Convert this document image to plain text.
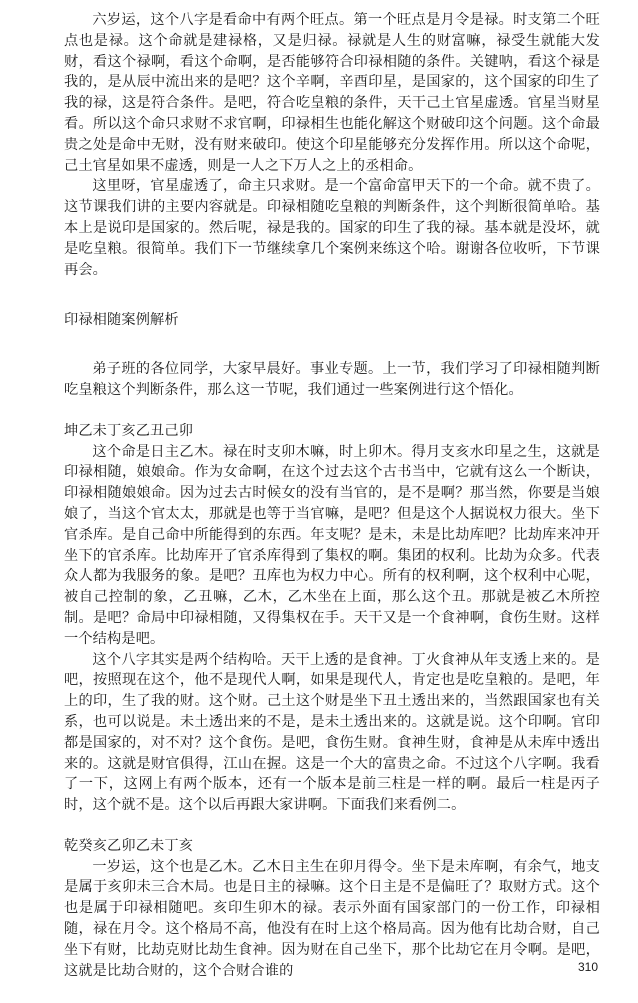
六岁运，这个八字是看命中有两个旺点。第一个旺点是月令是禄。时支第二个旺点也是禄。这个命就是建禄格，又是归禄。禄就是人生的财富嘛，禄受生就能大发财，看这个禄啊，看这个命啊，是否能够符合印禄相随的条件。关键呐，看这个禄是我的，是从辰中流出来的是吧？这个辛啊，辛酉印星，是国家的，这个国家的印生了我的禄，这是符合条件。是吧，符合吃皇粮的条件，天干己土官星虚透。官星当财星看。所以这个命只求财不求官啊，印禄相生也能化解这个财破印这个问题。这个命最贵之处是命中无财，没有财来破印。使这个印星能够充分发挥作用。所以这个命呢，己土官星如果不虚透，则是一人之下万人之上的丞相命。

这里呀，官星虚透了，命主只求财。是一个富命富甲天下的一个命。就不贵了。这节课我们讲的主要内容就是。印禄相随吃皇粮的判断条件，这个判断很简单哈。基本上是说印是国家的。然后呢，禄是我的。国家的印生了我的禄。基本就是没坏，就是吃皇粮。很简单。我们下一节继续拿几个案例来练这个哈。谢谢各位收听，下节课再会。

印禄相随案例解析

弟子班的各位同学，大家早晨好。事业专题。上一节，我们学习了印禄相随判断吃皇粮这个判断条件，那么这一节呢，我们通过一些案例进行这个悟化。

坤乙未丁亥乙丑己卯

这个命是日主乙木。禄在时支卯木嘛，时上卯木。得月支亥水印星之生，这就是印禄相随，娘娘命。作为女命啊，在这个过去这个古书当中，它就有这么一个断诀，印禄相随娘娘命。因为过去古时候女的没有当官的，是不是啊？那当然，你要是当娘娘了，当这个官太太，那就是也等于当官嘛，是吧？但是这个人据说权力很大。坐下官杀库。是自己命中所能得到的东西。年支呢？是未，未是比劫库吧？比劫库来冲开坐下的官杀库。比劫库开了官杀库得到了集权的啊。集团的权利。比劫为众多。代表众人都为我服务的象。是吧？丑库也为权力中心。所有的权利啊，这个权利中心呢，被自己控制的象，乙丑嘛，乙木，乙木坐在上面，那么这个丑。那就是被乙木所控制。是吧？命局中印禄相随，又得集权在手。天干又是一个食神啊，食伤生财。这样一个结构是吧。

这个八字其实是两个结构哈。天干上透的是食神。丁火食神从年支透上来的。是吧，按照现在这个，他不是现代人啊，如果是现代人，肯定也是吃皇粮的。是吧，年上的印，生了我的财。这个财。己土这个财是坐下丑土透出来的，当然跟国家也有关系，也可以说是。未土透出来的不是，是未土透出来的。这就是说。这个印啊。官印都是国家的，对不对？这个食伤。是吧，食伤生财。食神生财，食神是从未库中透出来的。这就是财官俱得，江山在握。这是一个大的富贵之命。不过这个八字啊。我看了一下，这网上有两个版本，还有一个版本是前三柱是一样的啊。最后一柱是丙子时，这个就不是。这个以后再跟大家讲啊。下面我们来看例二。

乾癸亥乙卯乙未丁亥

一岁运，这个也是乙木。乙木日主生在卯月得令。坐下是未库啊，有余气，地支是属于亥卯未三合木局。也是日主的禄嘛。这个日主是不是偏旺了？取财方式。这个也是属于印禄相随吧。亥印生卯木的禄。表示外面有国家部门的一份工作，印禄相随，禄在月令。这个格局不高，他没有在时上这个格局高。因为他有比劫合财，自己坐下有财，比劫克财比劫生食神。因为财在自己坐下，那个比劫它在月令啊。是吧，这就是比劫合财的，这个合财合谁的	310
